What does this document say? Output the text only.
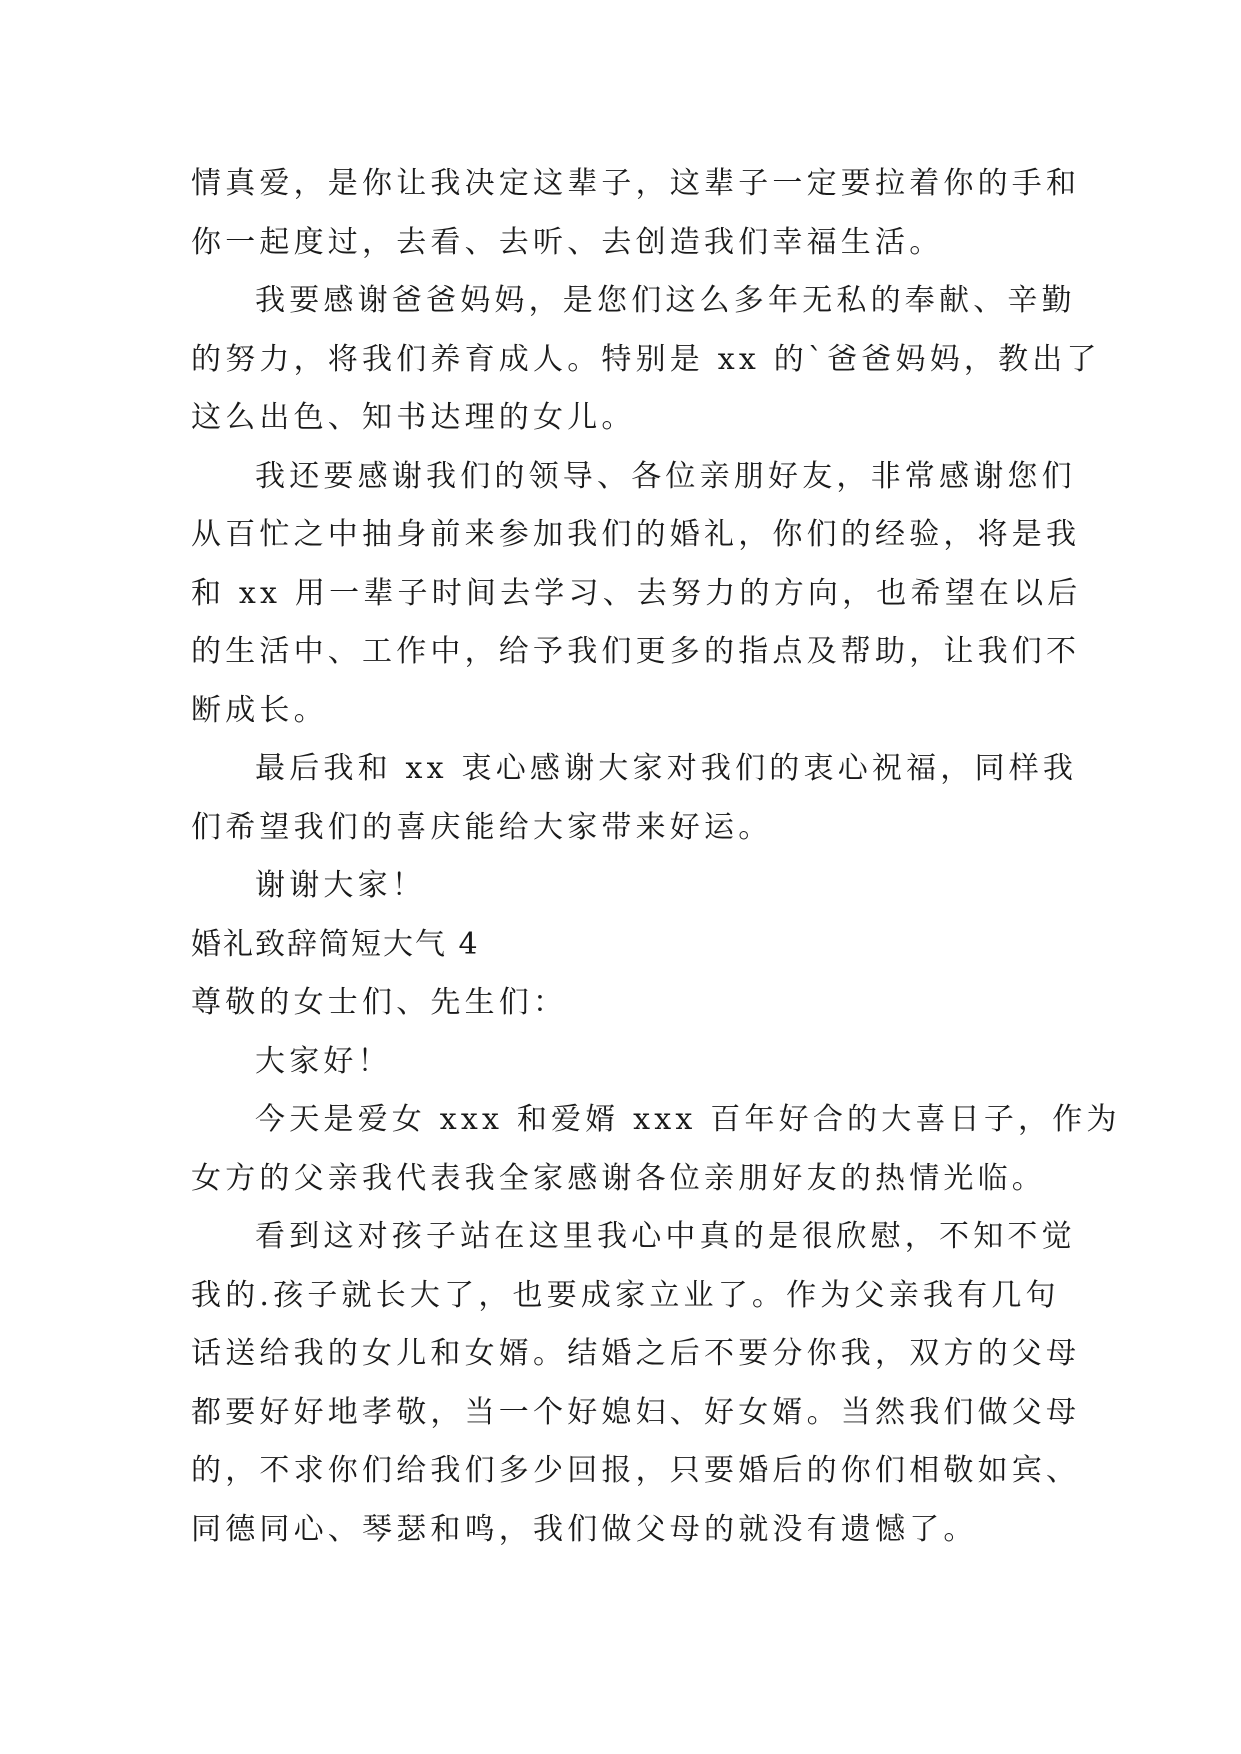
情真爱，是你让我决定这辈子，这辈子一定要拉着你的手和
你一起度过，去看、去听、去创造我们幸福生活。
我要感谢爸爸妈妈，是您们这么多年无私的奉献、辛勤
的努力，将我们养育成人。特别是 xx 的`爸爸妈妈，教出了
这么出色、知书达理的女儿。
我还要感谢我们的领导、各位亲朋好友，非常感谢您们
从百忙之中抽身前来参加我们的婚礼，你们的经验，将是我
和 xx 用一辈子时间去学习、去努力的方向，也希望在以后
的生活中、工作中，给予我们更多的指点及帮助，让我们不
断成长。
最后我和 xx 衷心感谢大家对我们的衷心祝福，同样我
们希望我们的喜庆能给大家带来好运。
谢谢大家！
婚礼致辞简短大气 4
尊敬的女士们、先生们：
大家好！
今天是爱女 xxx 和爱婿 xxx 百年好合的大喜日子，作为
女方的父亲我代表我全家感谢各位亲朋好友的热情光临。
看到这对孩子站在这里我心中真的是很欣慰，不知不觉
我的.孩子就长大了，也要成家立业了。作为父亲我有几句
话送给我的女儿和女婿。结婚之后不要分你我，双方的父母
都要好好地孝敬，当一个好媳妇、好女婿。当然我们做父母
的，不求你们给我们多少回报，只要婚后的你们相敬如宾、
同德同心、琴瑟和鸣，我们做父母的就没有遗憾了。
